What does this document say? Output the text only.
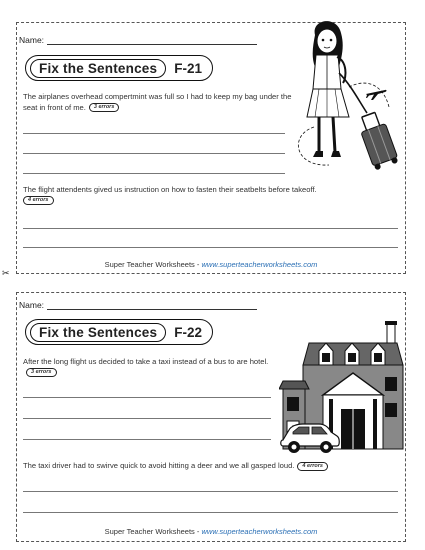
Name:
Fix the Sentences	F-21
The airplanes overhead compertmint was full so I had to keep my bag under the seat in front of me. 3 errors
The flight attendents gived us instruction on how to fasten their seatbelts before takeoff.
4 errors
Super Teacher Worksheets - www.superteacherworksheets.com
✂
Name:
Fix the Sentences	F-22
After the long flight us decided to take a taxi instead of a bus to are hotel.3 errors
The taxi driver had to swirve quick to avoid hitting a deer and we all gasped loud. 4 errors
Super Teacher Worksheets - www.superteacherworksheets.com
